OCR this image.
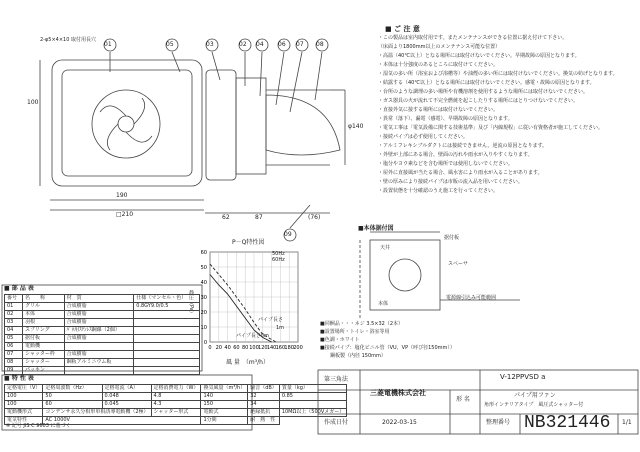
0 20 40 60 80 100 120 140 160 180 200
0
10
20
30
40
50
60
01	05	03	02 04 06 07 08
09
2-φ5×4×10 取付用長穴
190
□210
100
φ140
62	87	(76)
■ ご 注 意
・この製品は室内取付用です。またメンテナンスができる位置に据え付けて下さい。
（床面より1800mm以上のメンテナンス可能な位置）
・高温（40℃以上）となる場所には取付けないでください。早期故障の原因となります。
・本体は十分強度のあるところに取付けてください。
・湿気の多い所（浴室および浴槽等）や油煙の多い所には取付けないでください。換気の妨げとなります。
・結露する（40℃以上）となる場所には取付けないでください。感電・故障の原因となります。
・台所のような調理の多い場所や有機溶剤を使用するような場所には取付けないでください。
・ガス器具の火が流れて不完全燃焼を起こしたりする場所にはとりつけないでください。
・直接外気に接する場所には取付けないでください。
・異常（落下）、漏電（感電）、早期故障の原因となります。
・電気工事は「電気設備に関する技術基準」及び「内線規程」に従い有資格者が施工してください。
・接続パイプは必ず使用してください。
・アルミフレキシブルダクトには接続できません。逆流の原因となります。
・外壁が上部にある場合、壁面の汚れや雨水が入りやすくなります。
・塩分やヨウ素などを含む場所では使用しないでください。
・屋外に直接風が当たる場合、風水害により雨水が入ることがあります。
・壁の厚みにより接続パイプは市販の流入品を用いてください。
・設置状態を十分確認のうえ施工を行ってください。
P－Q特性図
50Hz
60Hz
静圧（Pa）
風 量　（m³/h）
パイプ長さ
パイプ長さ0m
1m
■本体据付図
据付板
天井
スペーサ
電源線引込み可能範囲
本体
■同梱品・・・ネジ 3.5×32（2本）
■設置場所・トイレ・浴室等用
■色調・ホワイト
■接続パイプ：塩化ビニル管（VU、VP（呼び径150mm））
　　鋼板製（内径 150mm）
■ 部 品 表
番号	名　　称	材　質	仕様（マンセル・色）
01	グリル	合成樹脂	0.8GY9.0/0.5
02	本体	合成樹脂	
03	羽根	合成樹脂	
04	スプリング	ﾊﾞﾈ用ｽﾃﾝﾚｽ鋼線（2個）	
05	据付板	合成樹脂	
06	電動機		
07	シャッター枠	合成樹脂	
08	シャッター	鋼板アルミニウム板	
09	パッキン		
■ 特 性 表
定格電圧（V）	定格周波数（Hz）	定格電流（A）	定格消費電力（W）	換気風量（m³/h）	騒音（dB）	質量（kg）
100	50	0.048	4.8	140	32	0.85
100	60	0.045	4.3	150	34	
電動機形式	コンデンサ永久分相形単相誘導電動機（2極）		シャッター形式	電動式	絶縁抵抗	10MΩ以上（500Vメガー）
電気特性	AC 1000V			1分間	耐　熱　性	
※ 記号 JIS C 9603 に基づく
第三角法
三菱電機株式会社
V-12PPVSD a
形 名
パイプ用ファン
角形インテリアタイプ　風圧式シャッター付
作成日付	2022-03-15	整理番号 NB321446 1/1
